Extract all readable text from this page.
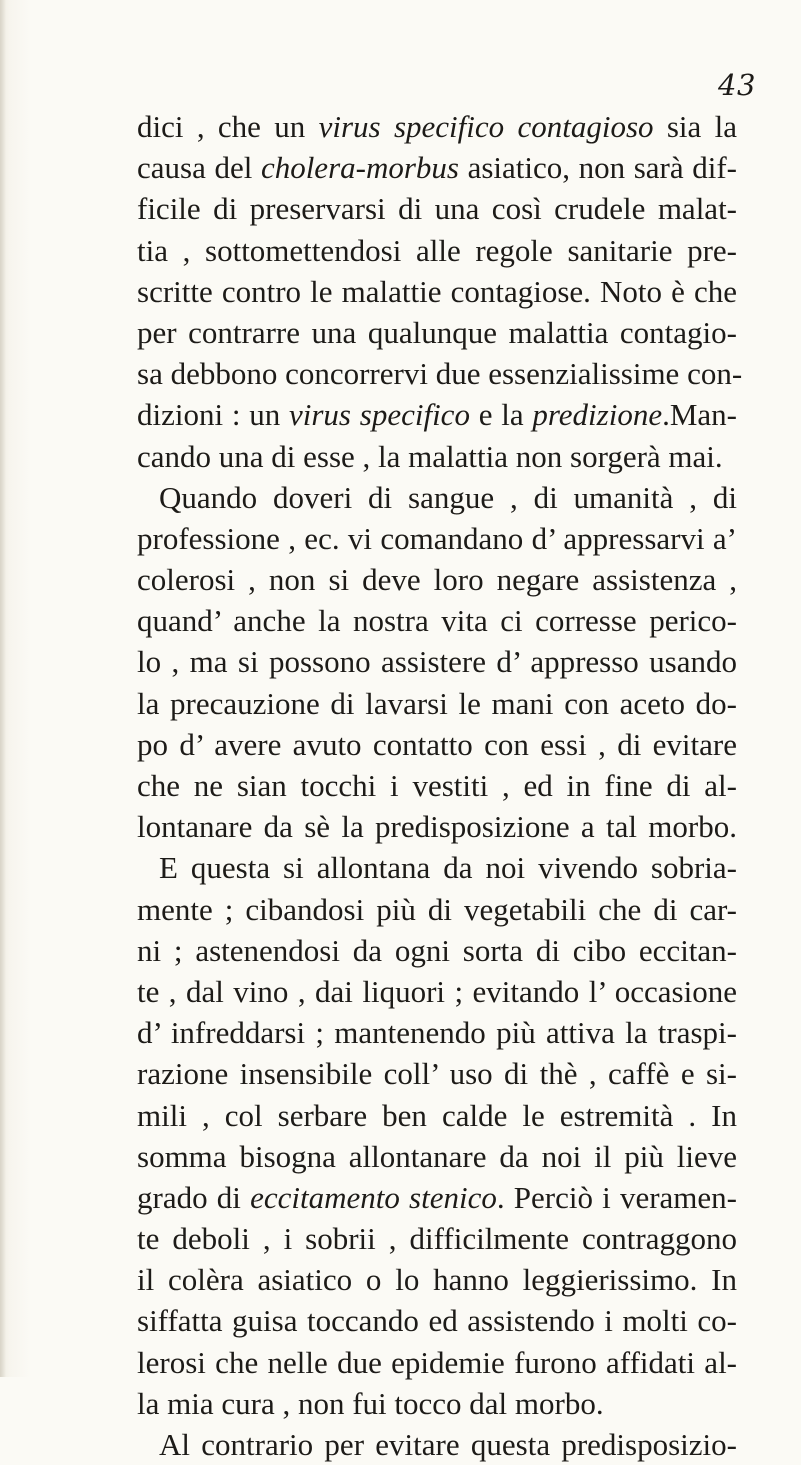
43
dici , che un virus specifico contagioso sia la
causa del cholera-morbus asiatico, non sarà dif-
ficile di preservarsi di una così crudele malat-
tia , sottomettendosi alle regole sanitarie pre-
scritte contro le malattie contagiose. Noto è che
per contrarre una qualunque malattia contagio-
sa debbono concorrervi due essenzialissime con-
dizioni : un virus specifico e la predizione.Man-
cando una di esse , la malattia non sorgerà mai.
Quando doveri di sangue , di umanità , di
professione , ec. vi comandano d’ appressarvi a’
colerosi , non si deve loro negare assistenza ,
quand’ anche la nostra vita ci corresse perico-
lo , ma si possono assistere d’ appresso usando
la precauzione di lavarsi le mani con aceto do-
po d’ avere avuto contatto con essi , di evitare
che ne sian tocchi i vestiti , ed in fine di al-
lontanare da sè la predisposizione a tal morbo.
E questa si allontana da noi vivendo sobria-
mente ; cibandosi più di vegetabili che di car-
ni ; astenendosi da ogni sorta di cibo eccitan-
te , dal vino , dai liquori ; evitando l’ occasione
d’ infreddarsi ; mantenendo più attiva la traspi-
razione insensibile coll’ uso di thè , caffè e si-
mili , col serbare ben calde le estremità . In
somma bisogna allontanare da noi il più lieve
grado di eccitamento stenico. Perciò i veramen-
te deboli , i sobrii , difficilmente contraggono
il colèra asiatico o lo hanno leggierissimo. In
siffatta guisa toccando ed assistendo i molti co-
lerosi che nelle due epidemie furono affidati al-
la mia cura , non fui tocco dal morbo.
Al contrario per evitare questa predisposizio-
